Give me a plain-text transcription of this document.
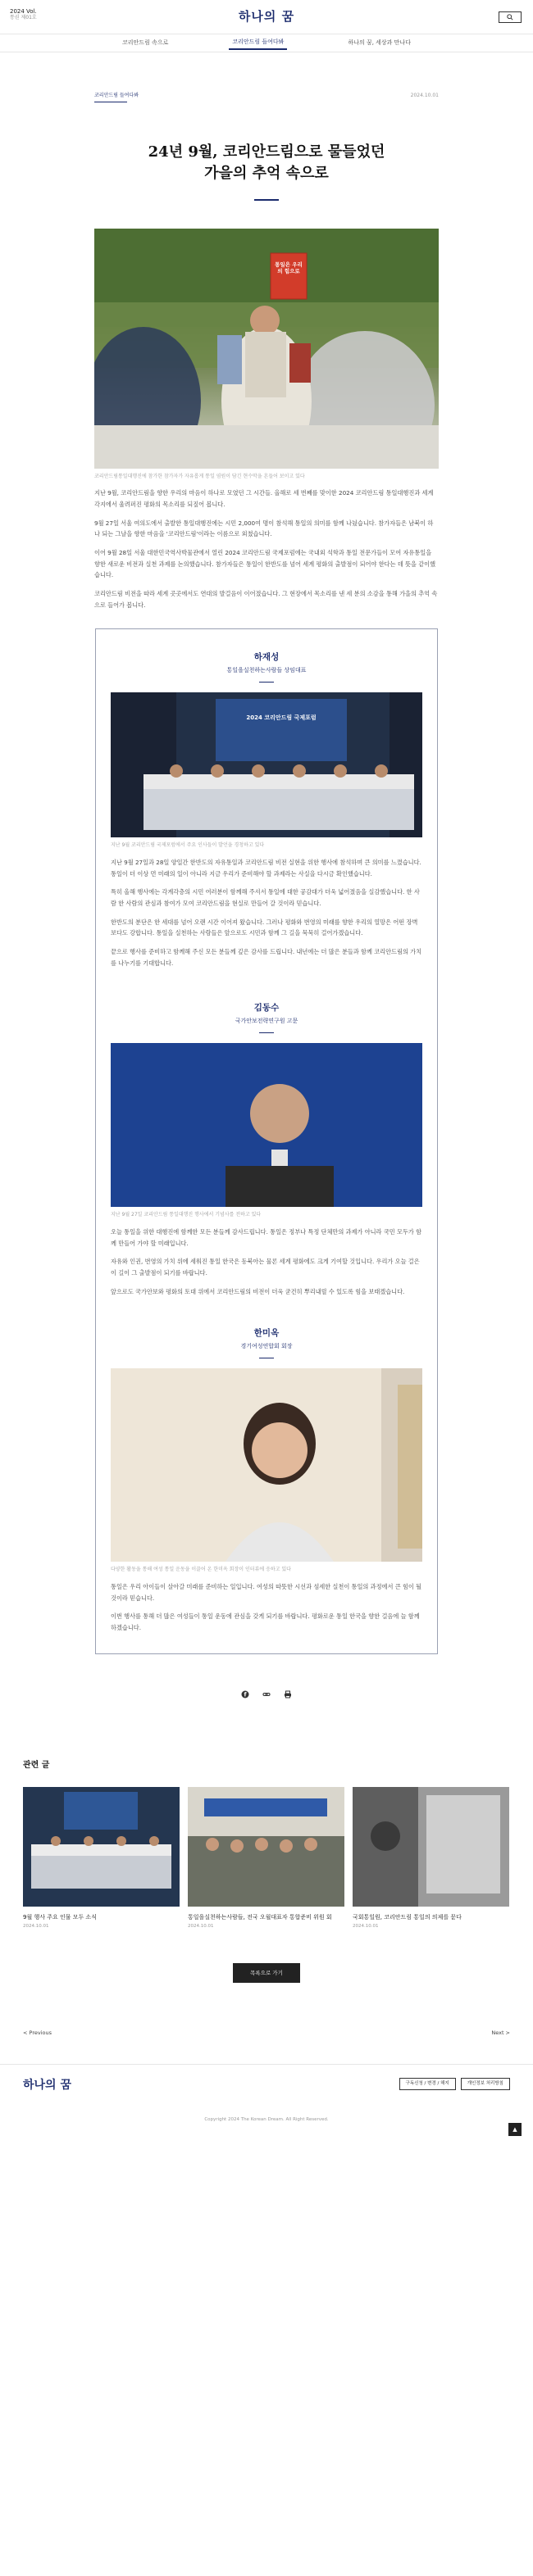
2024 Vol.
통권 제01호	하나의 꿈
코리안드림 속으로	코리안드림 들여다봐	하나의 꿈, 세상과 만나다
코리안드림 들여다봐	2024.10.01
24년 9월, 코리안드림으로 물들었던
가을의 추억 속으로
통일은 우리의 힘으로
코리안드림통일대행진에 참가한 참가자가 자유롭게 통일 염원이 담긴 현수막을 흔들어 보이고 있다

지난 9월, 코리안드림을 향한 우리의 마음이 하나로 모였던 그 시간들. 올해로 세 번째를 맞이한 2024 코리안드림 통일대행진과 세계 각지에서 울려퍼진 평화의 목소리를 되짚어 봅니다.

9월 27일 서울 여의도에서 출발한 통일대행진에는 시민 2,000여 명이 참석해 통일의 의미를 함께 나눴습니다. 참가자들은 남북이 하나 되는 그날을 향한 마음을 '코리안드림'이라는 이름으로 외쳤습니다.

이어 9월 28일 서울 대한민국역사박물관에서 열린 2024 코리안드림 국제포럼에는 국내외 석학과 통일 전문가들이 모여 자유통일을 향한 새로운 비전과 실천 과제를 논의했습니다. 참가자들은 통일이 한반도를 넘어 세계 평화의 출발점이 되어야 한다는 데 뜻을 같이했습니다.

코리안드림 비전을 따라 세계 곳곳에서도 연대의 발걸음이 이어졌습니다. 그 현장에서 목소리를 낸 세 분의 소감을 통해 가을의 추억 속으로 들어가 봅니다.

하재성
통일을실천하는사람들 상임대표
2024 코리안드림 국제포럼
지난 9월 코리안드림 국제포럼에서 주요 인사들이 발언을 경청하고 있다

지난 9월 27일과 28일 양일간 한반도의 자유통일과 코리안드림 비전 실현을 위한 행사에 참석하며 큰 의미를 느꼈습니다. 통일이 더 이상 먼 미래의 일이 아니라 지금 우리가 준비해야 할 과제라는 사실을 다시금 확인했습니다.

특히 올해 행사에는 각계각층의 시민 여러분이 함께해 주셔서 통일에 대한 공감대가 더욱 넓어졌음을 실감했습니다. 한 사람 한 사람의 관심과 참여가 모여 코리안드림을 현실로 만들어 갈 것이라 믿습니다.

한반도의 분단은 한 세대를 넘어 오랜 시간 이어져 왔습니다. 그러나 평화와 번영의 미래를 향한 우리의 열망은 어떤 장벽보다도 강합니다. 통일을 실천하는 사람들은 앞으로도 시민과 함께 그 길을 묵묵히 걸어가겠습니다.

끝으로 행사를 준비하고 함께해 주신 모든 분들께 깊은 감사를 드립니다. 내년에는 더 많은 분들과 함께 코리안드림의 가치를 나누기를 기대합니다.

김동수
국가안보전략연구원 고문
지난 9월 27일 코리안드림 통일대행진 행사에서 기념사를 전하고 있다

오늘 통일을 위한 대행진에 함께한 모든 분들께 감사드립니다. 통일은 정부나 특정 단체만의 과제가 아니라 국민 모두가 함께 만들어 가야 할 미래입니다.

자유와 인권, 번영의 가치 위에 세워진 통일 한국은 동북아는 물론 세계 평화에도 크게 기여할 것입니다. 우리가 오늘 걸은 이 길이 그 출발점이 되기를 바랍니다.

앞으로도 국가안보와 평화의 토대 위에서 코리안드림의 비전이 더욱 굳건히 뿌리내릴 수 있도록 힘을 보태겠습니다.

한미옥
경기여성연합회 회장
다양한 활동을 통해 여성 통일 운동을 이끌어 온 한미옥 회장이 인터뷰에 응하고 있다

통일은 우리 아이들이 살아갈 미래를 준비하는 일입니다. 여성의 따뜻한 시선과 섬세한 실천이 통일의 과정에서 큰 힘이 될 것이라 믿습니다.

이번 행사를 통해 더 많은 여성들이 통일 운동에 관심을 갖게 되기를 바랍니다. 평화로운 통일 한국을 향한 걸음에 늘 함께하겠습니다.

f
관련 글
9월 행사 주요 인물 모두 소식
2024.10.01
통일을실천하는사람들, 전국 오월대표자 통합준비 위원 회
2024.10.01
국회통일원, 코리안드림 통일의 의제를 묻다
2024.10.01
목록으로 가기
< Previous	Next >
하나의 꿈	구독신청 / 변경 / 해지	개인정보 처리방침
Copyright 2024 The Korean Dream. All Right Reserved.
▲
